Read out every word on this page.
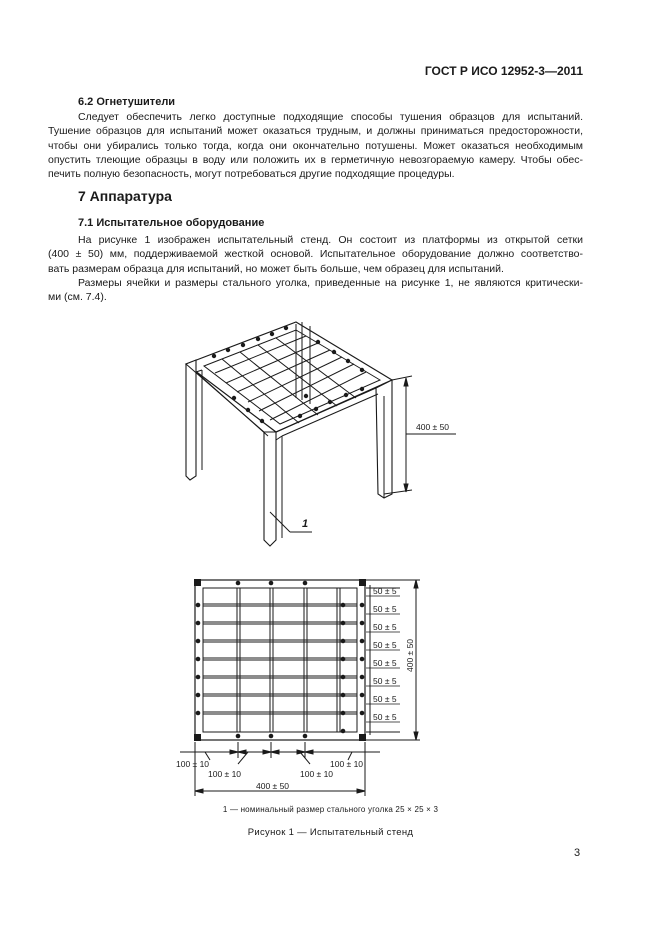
ГОСТ Р ИСО 12952-3—2011
6.2 Огнетушители
Следует обеспечить легко доступные подходящие способы тушения образцов для испытаний.
Тушение образцов для испытаний может оказаться трудным, и должны приниматься предосторожности,
чтобы они убирались только тогда, когда они окончательно потушены. Может оказаться необходимым
опустить тлеющие образцы в воду или положить их в герметичную невозгораемую камеру. Чтобы обес-
печить полную безопасность, могут потребоваться другие подходящие процедуры.
7 Аппаратура
7.1 Испытательное оборудование
На рисунке 1 изображен испытательный стенд. Он состоит из платформы из открытой сетки
(400 ± 50) мм, поддерживаемой жесткой основой. Испытательное оборудование должно соответство-
вать размерам образца для испытаний, но может быть больше, чем образец для испытаний.
Размеры ячейки и размеры стального уголка, приведенные на рисунке 1, не являются критически-
ми (см. 7.4).
400 ± 50
1
50 ± 5
50 ± 5
50 ± 5
50 ± 5
50 ± 5
50 ± 5
50 ± 5
50 ± 5
400 ± 50
100 ± 10	100 ± 10
100 ± 10	100 ± 10
400 ± 50
1 — номинальный размер стального уголка 25 × 25 × 3
Рисунок 1 — Испытательный стенд
3
